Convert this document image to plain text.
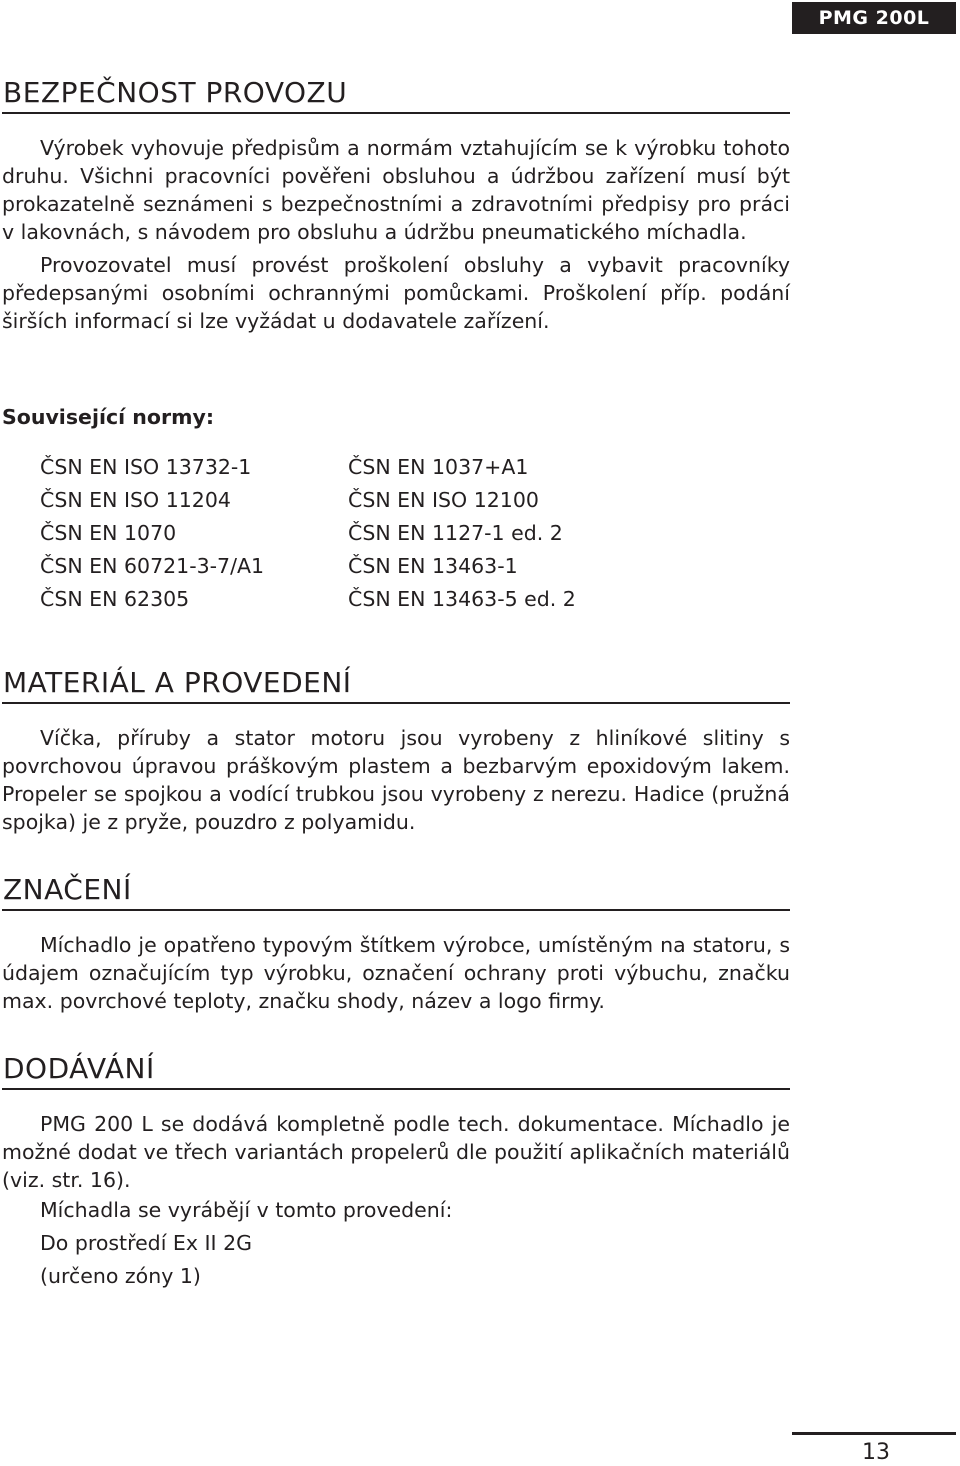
PMG 200L
BEZPEČNOST PROVOZU

Výrobek vyhovuje předpisům a normám vztahujícím se k výrobku tohoto druhu. Všichni pracovníci pověřeni obsluhou a údržbou zařízení musí být prokazatelně seznámeni s bezpečnostními a zdravotními předpisy pro práci v lakovnách, s návodem pro obsluhu a údržbu pneumatického míchadla.

Provozovatel musí provést proškolení obsluhy a vybavit pracovníky předepsanými osobními ochrannými pomůckami. Proškolení příp. podání širších informací si lze vyžádat u dodavatele zařízení.

Související normy:
ČSN EN ISO 13732-1	ČSN EN 1037+A1
ČSN EN ISO 11204	ČSN EN ISO 12100
ČSN EN 1070	ČSN EN 1127-1 ed. 2
ČSN EN 60721-3-7/A1	ČSN EN 13463-1
ČSN EN 62305	ČSN EN 13463-5 ed. 2
MATERIÁL A PROVEDENÍ

Víčka, příruby a stator motoru jsou vyrobeny z hliníkové slitiny s povrchovou úpravou práškovým plastem a bezbarvým epoxidovým lakem. Propeler se spojkou a vodící trubkou jsou vyrobeny z nerezu. Hadice (pružná spojka) je z pryže, pouzdro z polyamidu.

ZNAČENÍ

Míchadlo je opatřeno typovým štítkem výrobce, umístěným na statoru, s údajem označujícím typ výrobku, označení ochrany proti výbuchu, značku max. povrchové teploty, značku shody, název a logo firmy.

DODÁVÁNÍ

PMG 200 L se dodává kompletně podle tech. dokumentace. Míchadlo je možné dodat ve třech variantách propelerů dle použití aplikačních materiálů (viz. str. 16).

Míchadla se vyrábějí v tomto provedení:
Do prostředí Ex II 2G
(určeno zóny 1)
13
